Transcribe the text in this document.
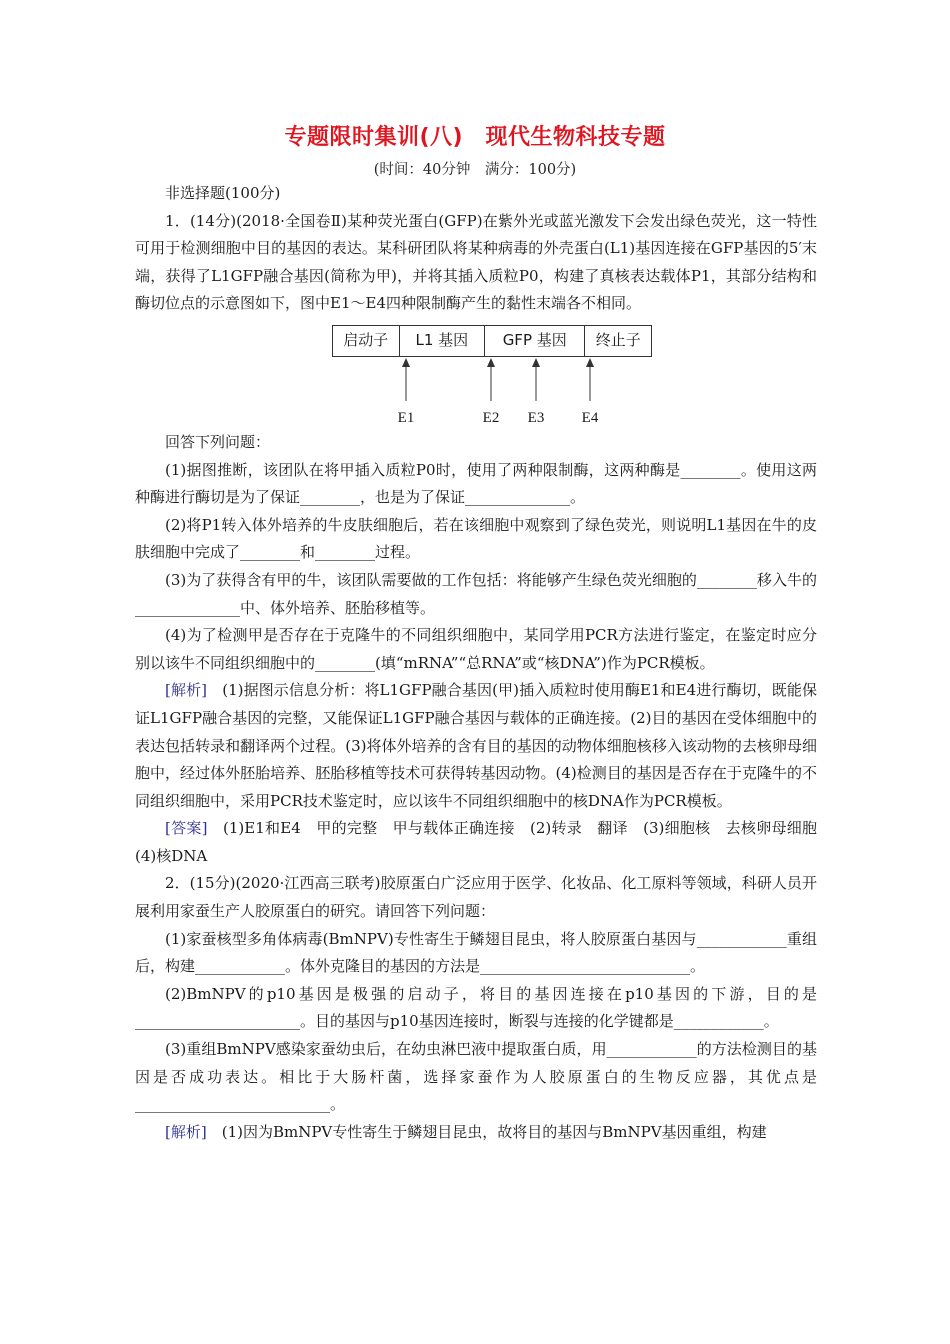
专题限时集训(八)　现代生物科技专题
(时间：40分钟　满分：100分)

非选择题(100分)

1．(14分)(2018·全国卷Ⅱ)某种荧光蛋白(GFP)在紫外光或蓝光激发下会发出绿色荧光，这一特性可用于检测细胞中目的基因的表达。某科研团队将某种病毒的外壳蛋白(L1)基因连接在GFP基因的5′末端，获得了L1GFP融合基因(简称为甲)，并将其插入质粒P0，构建了真核表达载体P1，其部分结构和酶切位点的示意图如下，图中E1～E4四种限制酶产生的黏性末端各不相同。

启动子	L1 基因	GFP 基因	终止子
E1	E2 E3 E4

回答下列问题：

(1)据图推断，该团队在将甲插入质粒P0时，使用了两种限制酶，这两种酶是________。使用这两种酶进行酶切是为了保证________，也是为了保证______________。

(2)将P1转入体外培养的牛皮肤细胞后，若在该细胞中观察到了绿色荧光，则说明L1基因在牛的皮肤细胞中完成了________和________过程。

(3)为了获得含有甲的牛，该团队需要做的工作包括：将能够产生绿色荧光细胞的________移入牛的______________中、体外培养、胚胎移植等。

(4)为了检测甲是否存在于克隆牛的不同组织细胞中，某同学用PCR方法进行鉴定，在鉴定时应分别以该牛不同组织细胞中的________(填“mRNA”“总RNA”或“核DNA”)作为PCR模板。

[解析]　(1)据图示信息分析：将L1GFP融合基因(甲)插入质粒时使用酶E1和E4进行酶切，既能保证L1GFP融合基因的完整，又能保证L1GFP融合基因与载体的正确连接。(2)目的基因在受体细胞中的表达包括转录和翻译两个过程。(3)将体外培养的含有目的基因的动物体细胞核移入该动物的去核卵母细胞中，经过体外胚胎培养、胚胎移植等技术可获得转基因动物。(4)检测目的基因是否存在于克隆牛的不同组织细胞中，采用PCR技术鉴定时，应以该牛不同组织细胞中的核DNA作为PCR模板。

[答案]　(1)E1和E4　甲的完整　甲与载体正确连接　(2)转录　翻译　(3)细胞核　去核卵母细胞　(4)核DNA

2．(15分)(2020·江西高三联考)胶原蛋白广泛应用于医学、化妆品、化工原料等领域，科研人员开展利用家蚕生产人胶原蛋白的研究。请回答下列问题：

(1)家蚕核型多角体病毒(BmNPV)专性寄生于鳞翅目昆虫，将人胶原蛋白基因与____________重组后，构建____________。体外克隆目的基因的方法是____________________________。

(2)BmNPV的p10基因是极强的启动子，将目的基因连接在p10基因的下游，目的是______________________。目的基因与p10基因连接时，断裂与连接的化学键都是____________。

(3)重组BmNPV感染家蚕幼虫后，在幼虫淋巴液中提取蛋白质，用____________的方法检测目的基因是否成功表达。相比于大肠杆菌，选择家蚕作为人胶原蛋白的生物反应器，其优点是__________________________。

[解析]　(1)因为BmNPV专性寄生于鳞翅目昆虫，故将目的基因与BmNPV基因重组，构建
